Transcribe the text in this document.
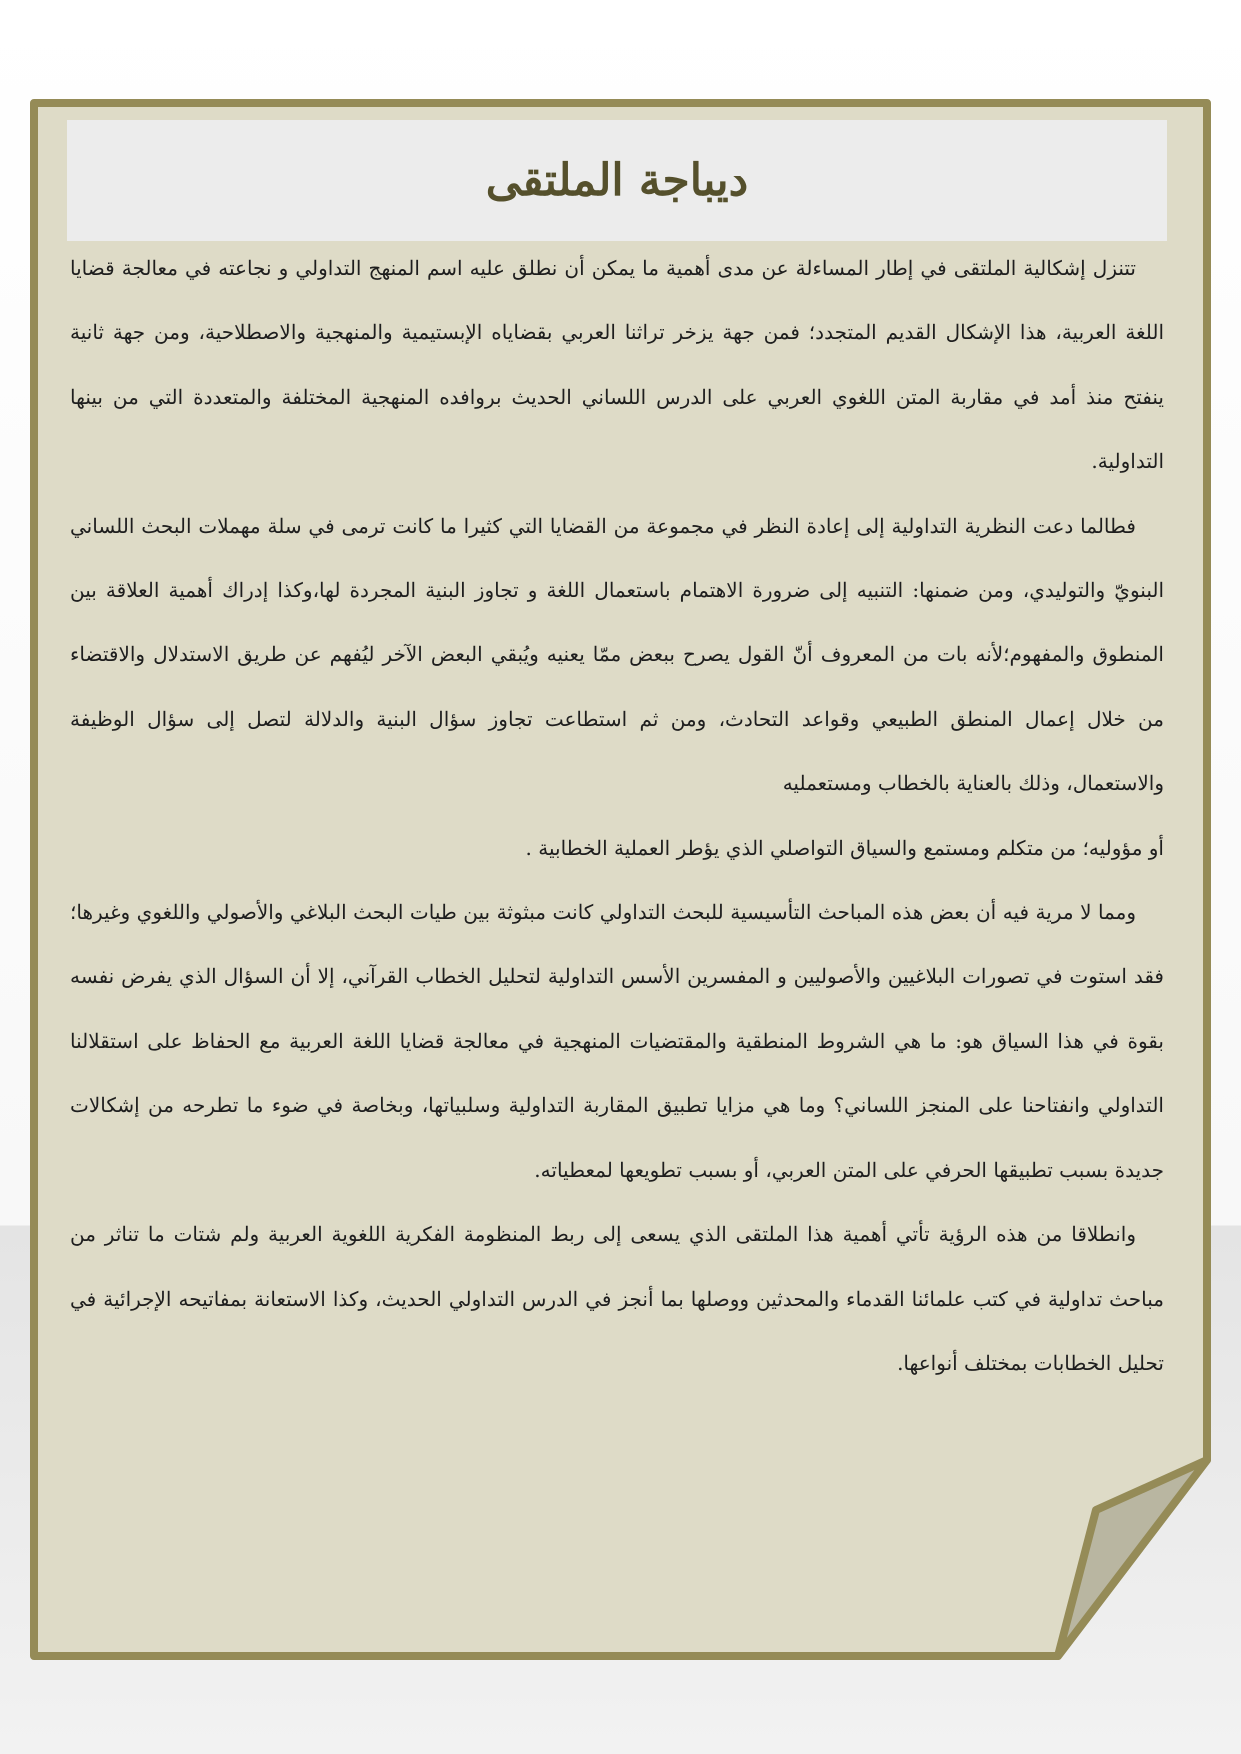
ديباجة الملتقى

تتنزل إشكالية الملتقى في إطار المساءلة عن مدى أهمية ما يمكن أن نطلق عليه اسم المنهج التداولي و نجاعته في معالجة قضايا اللغة العربية، هذا الإشكال القديم المتجدد؛ فمن جهة يزخر تراثنا العربي بقضاياه الإبستيمية والمنهجية والاصطلاحية، ومن جهة ثانية ينفتح منذ أمد في مقاربة المتن اللغوي العربي على الدرس اللساني الحديث بروافده المنهجية المختلفة والمتعددة التي من بينها التداولية.

فطالما دعت النظرية التداولية إلى إعادة النظر في مجموعة من القضايا التي كثيرا ما كانت ترمى في سلة مهملات البحث اللساني البنويّ والتوليدي، ومن ضمنها: التنبيه إلى ضرورة الاهتمام باستعمال اللغة و تجاوز البنية المجردة لها،وكذا إدراك أهمية العلاقة بين المنطوق والمفهوم؛لأنه بات من المعروف أنّ القول يصرح ببعض ممّا يعنيه ويُبقي البعض الآخر ليُفهم عن طريق الاستدلال والاقتضاء من خلال إعمال المنطق الطبيعي وقواعد التحادث، ومن ثم استطاعت تجاوز سؤال البنية والدلالة لتصل إلى سؤال الوظيفة والاستعمال، وذلك بالعناية بالخطاب ومستعمليه

أو مؤوليه؛ من متكلم ومستمع والسياق التواصلي الذي يؤطر العملية الخطابية .

ومما لا مرية فيه أن بعض هذه المباحث التأسيسية للبحث التداولي كانت مبثوثة بين طيات البحث البلاغي والأصولي واللغوي وغيرها؛ فقد استوت في تصورات البلاغيين والأصوليين و المفسرين الأسس التداولية لتحليل الخطاب القرآني، إلا أن السؤال الذي يفرض نفسه بقوة في هذا السياق هو: ما هي الشروط المنطقية والمقتضيات المنهجية في معالجة قضايا اللغة العربية مع الحفاظ على استقلالنا التداولي وانفتاحنا على المنجز اللساني؟ وما هي مزايا تطبيق المقاربة التداولية وسلبياتها، وبخاصة في ضوء ما تطرحه من إشكالات جديدة بسبب تطبيقها الحرفي على المتن العربي، أو بسبب تطويعها لمعطياته.

وانطلاقا من هذه الرؤية تأتي أهمية هذا الملتقى الذي يسعى إلى ربط المنظومة الفكرية اللغوية العربية ولم شتات ما تناثر من مباحث تداولية في كتب علمائنا القدماء والمحدثين ووصلها بما أنجز في الدرس التداولي الحديث، وكذا الاستعانة بمفاتيحه الإجرائية في تحليل الخطابات بمختلف أنواعها.
